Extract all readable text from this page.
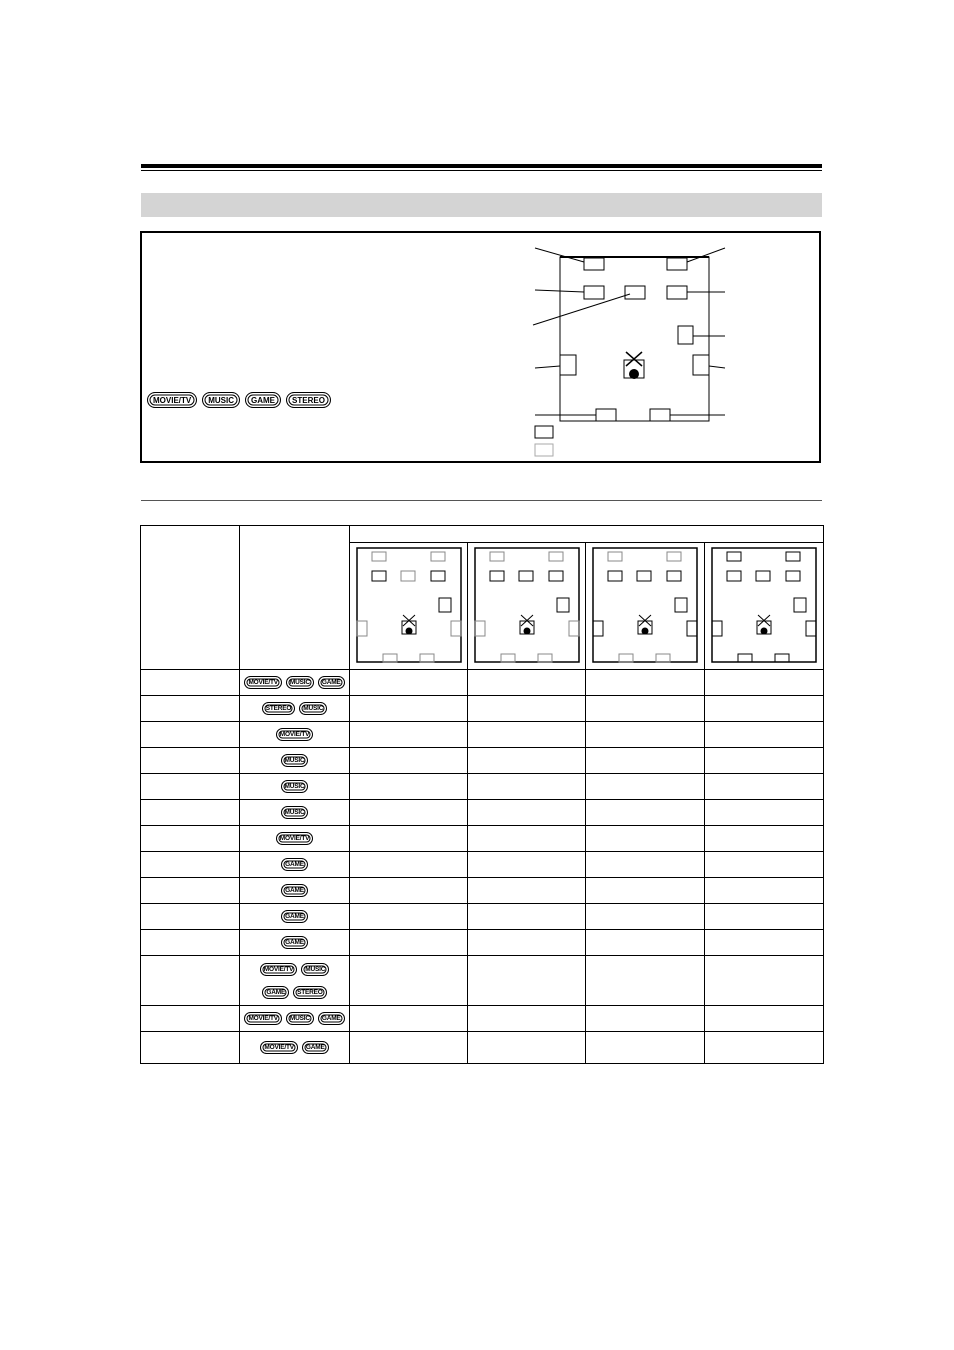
MOVIE/TV	MUSIC	GAME	STEREO

MOVIE/TV MUSIC GAME				

STEREO MUSIC				

MOVIE/TV				

MUSIC				

MUSIC				

MUSIC				

MOVIE/TV				

GAME				

GAME				

GAME				

GAME				

MOVIE/TV MUSIC
GAME STEREO				

MOVIE/TV MUSIC GAME				

MOVIE/TV GAME				
